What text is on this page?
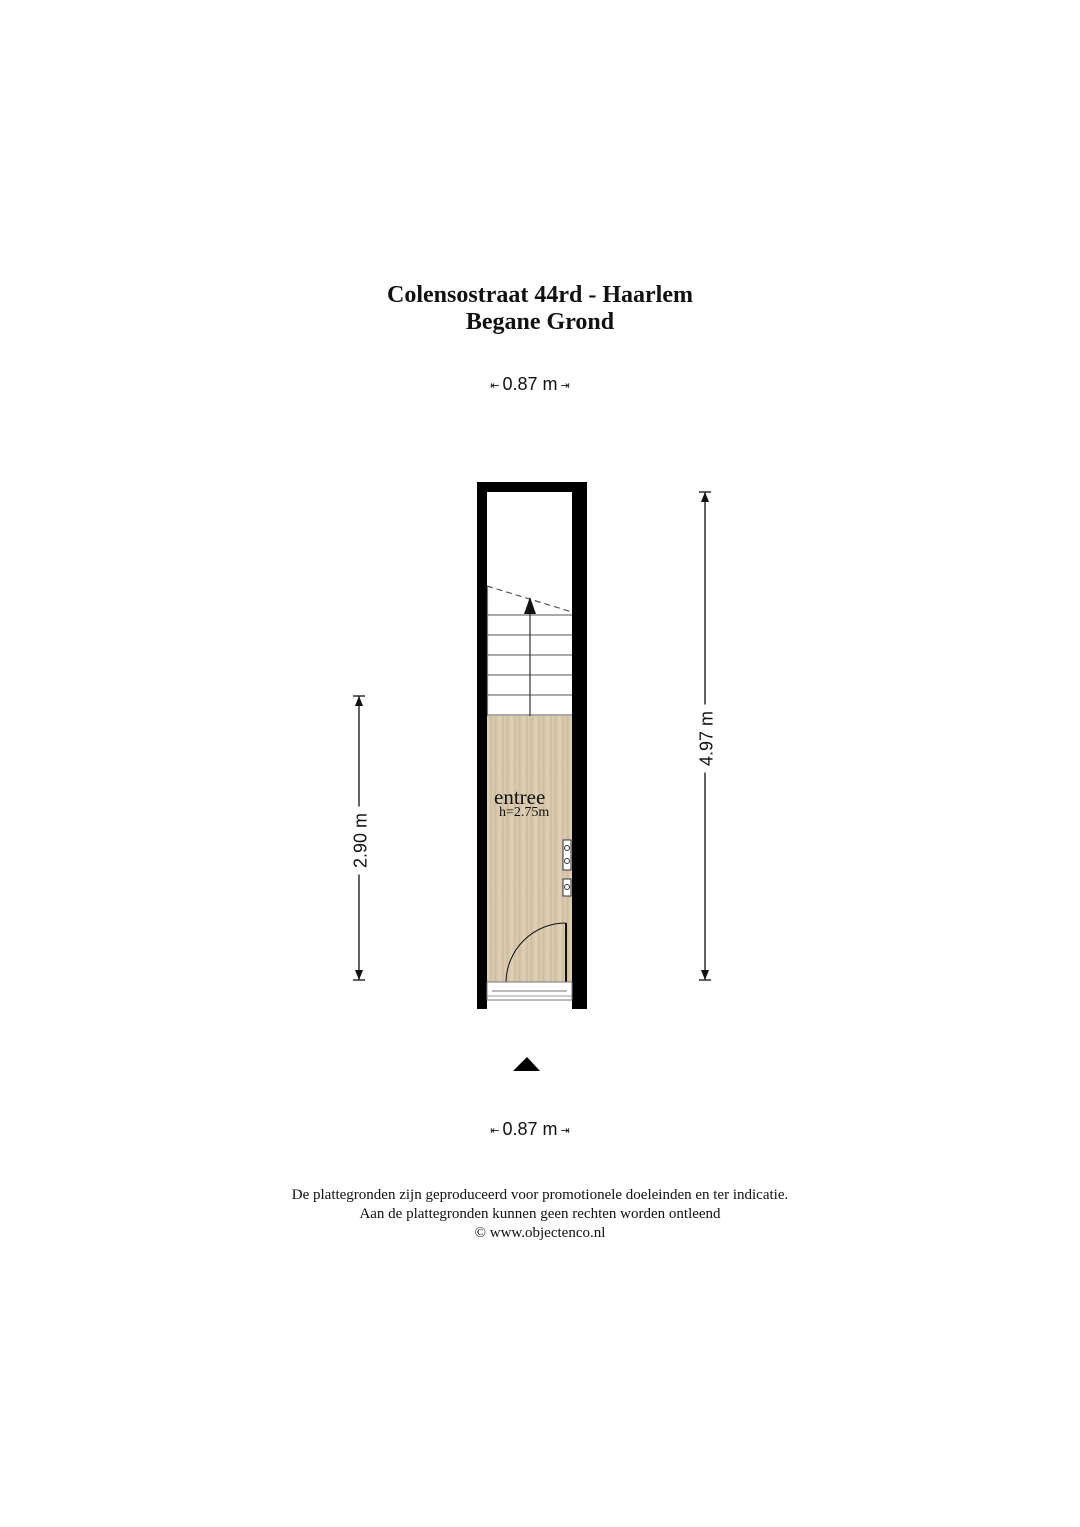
Colensostraat 44rd - Haarlem
Begane Grond
⇤ 0.87 m ⇥
entree
h=2.75m
4.97 m
2.90 m
⇤ 0.87 m ⇥
De plattegronden zijn geproduceerd voor promotionele doeleinden en ter indicatie.
Aan de plattegronden kunnen geen rechten worden ontleend
© www.objectenco.nl
